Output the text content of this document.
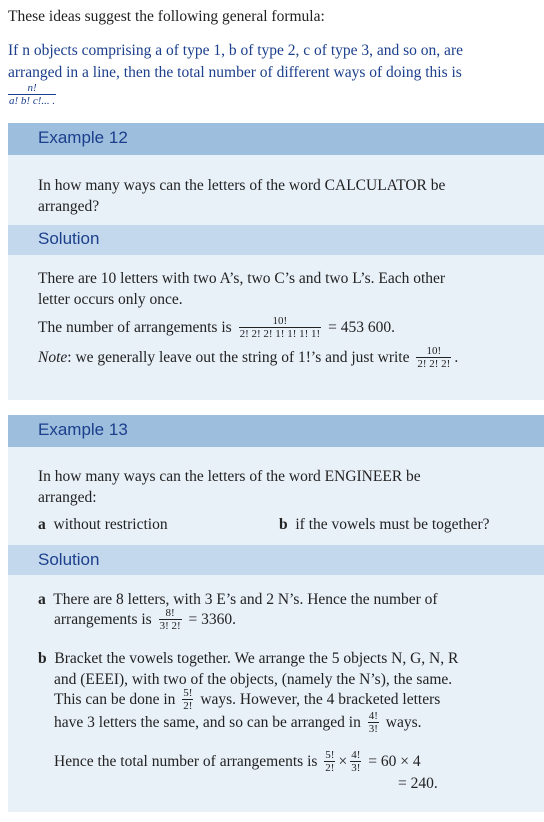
These ideas suggest the following general formula:
If n objects comprising a of type 1, b of type 2, c of type 3, and so on, are
arranged in a line, then the total number of different ways of doing this is
$\frac{n!}{a! b! c!... .}$
Example 12
In how many ways can the letters of the word CALCULATOR be
arranged?
Solution
There are 10 letters with two A’s, two C’s and two L’s. Each other
letter occurs only once.
The number of arrangements is $\frac{10!}{2! 2! 2! 1! 1! 1! 1!} = 453$ 600.
Note: we generally leave out the string of 1!’s and just write $\frac{10!}{2! 2! 2!}$ .
Example 13
In how many ways can the letters of the word ENGINEER be
arranged:
a without restriction	b if the vowels must be together?
Solution
a There are 8 letters, with 3 E’s and 2 N’s. Hence the number of
arrangements is $\frac{8!}{3! 2!} = 3360$.
b Bracket the vowels together. We arrange the 5 objects N, G, N, R
and (EEEI), with two of the objects, (namely the N’s), the same.
This can be done in $\frac{5!}{2!}$ ways. However, the 4 bracketed letters
have 3 letters the same, and so can be arranged in $\frac{4!}{3!}$ ways.
Hence the total number of arrangements is $\frac{5!}{2!} \times \frac{4!}{3!} = 60 \times 4$
= 240.
